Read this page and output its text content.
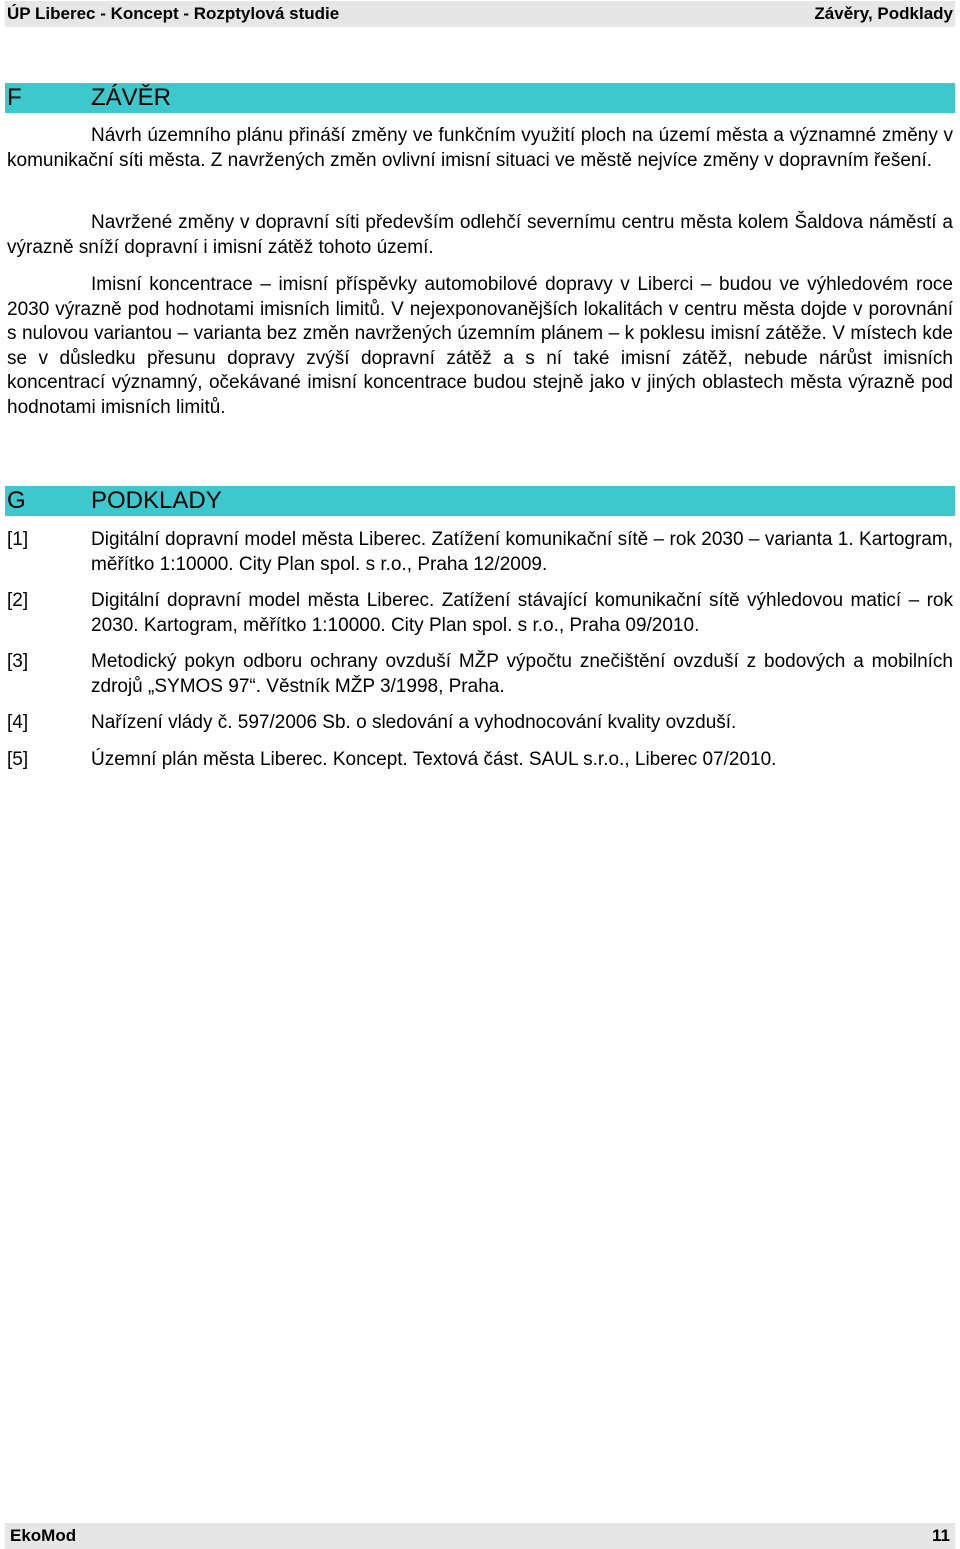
ÚP Liberec - Koncept - Rozptylová studie	Závěry, Podklady
F	ZÁVĚR

Návrh územního plánu přináší změny ve funkčním využití ploch na území města a významné změny v komunikační síti města. Z navržených změn ovlivní imisní situaci ve městě nejvíce změny v dopravním řešení.

Navržené změny v dopravní síti především odlehčí severnímu centru města kolem Šaldova náměstí a výrazně sníží dopravní i imisní zátěž tohoto území.

Imisní koncentrace – imisní příspěvky automobilové dopravy v Liberci – budou ve výhledovém roce 2030 výrazně pod hodnotami imisních limitů. V nejexponovanějších lokalitách v centru města dojde v porovnání s nulovou variantou – varianta bez změn navržených územním plánem – k poklesu imisní zátěže. V místech kde se v důsledku přesunu dopravy zvýší dopravní zátěž a s ní také imisní zátěž, nebude nárůst imisních koncentrací významný, očekávané imisní koncentrace budou stejně jako v jiných oblastech města výrazně pod hodnotami imisních limitů.

G	PODKLADY
[1]	Digitální dopravní model města Liberec. Zatížení komunikační sítě – rok 2030 – varianta 1. Kartogram, měřítko 1:10000. City Plan spol. s r.o., Praha 12/2009.
[2]	Digitální dopravní model města Liberec. Zatížení stávající komunikační sítě výhledovou maticí – rok 2030. Kartogram, měřítko 1:10000. City Plan spol. s r.o., Praha 09/2010.
[3]	Metodický pokyn odboru ochrany ovzduší MŽP výpočtu znečištění ovzduší z bodových a mobilních zdrojů „SYMOS 97“. Věstník MŽP 3/1998, Praha.
[4]	Nařízení vlády č. 597/2006 Sb. o sledování a vyhodnocování kvality ovzduší.
[5]	Územní plán města Liberec. Koncept. Textová část. SAUL s.r.o., Liberec 07/2010.
EkoMod	11
